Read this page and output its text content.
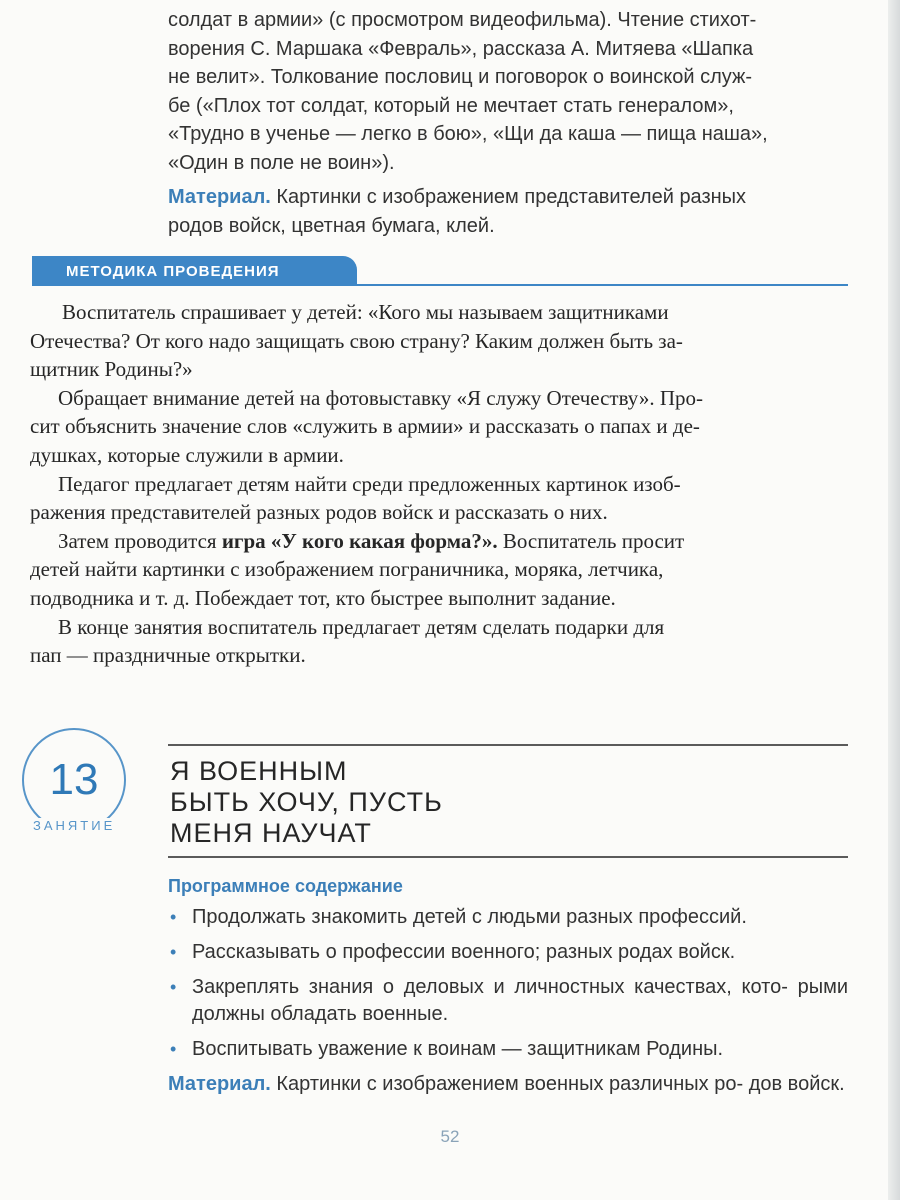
солдат в армии» (с просмотром видеофильма). Чтение стихот-

ворения С. Маршака «Февраль», рассказа А. Митяева «Шапка

не велит». Толкование пословиц и поговорок о воинской служ-

бе («Плох тот солдат, который не мечтает стать генералом»,

«Трудно в ученье — легко в бою», «Щи да каша — пища наша»,

«Один в поле не воин»).

Материал. Картинки с изображением представителей разных

родов войск, цветная бумага, клей.

МЕТОДИКА ПРОВЕДЕНИЯ

Воспитатель спрашивает у детей: «Кого мы называем защитниками

Отечества? От кого надо защищать свою страну? Каким должен быть за-

щитник Родины?»

Обращает внимание детей на фотовыставку «Я служу Отечеству». Про-

сит объяснить значение слов «служить в армии» и рассказать о папах и де-

душках, которые служили в армии.

Педагог предлагает детям найти среди предложенных картинок изоб-

ражения представителей разных родов войск и рассказать о них.

Затем проводится игра «У кого какая форма?». Воспитатель просит

детей найти картинки с изображением пограничника, моряка, летчика,

подводника и т. д. Побеждает тот, кто быстрее выполнит задание.

В конце занятия воспитатель предлагает детям сделать подарки для

пап — праздничные открытки.

13
ЗАНЯТИЕ
Я ВОЕННЫМ
БЫТЬ ХОЧУ, ПУСТЬ
МЕНЯ НАУЧАТ
Программное содержание
• Продолжать знакомить детей с людьми разных профессий.
• Рассказывать о профессии военного; разных родах войск.
• Закреплять знания о деловых и личностных качествах, кото- рыми должны обладать военные.
• Воспитывать уважение к воинам — защитникам Родины.
Материал. Картинки с изображением военных различных ро- дов войск.
52
